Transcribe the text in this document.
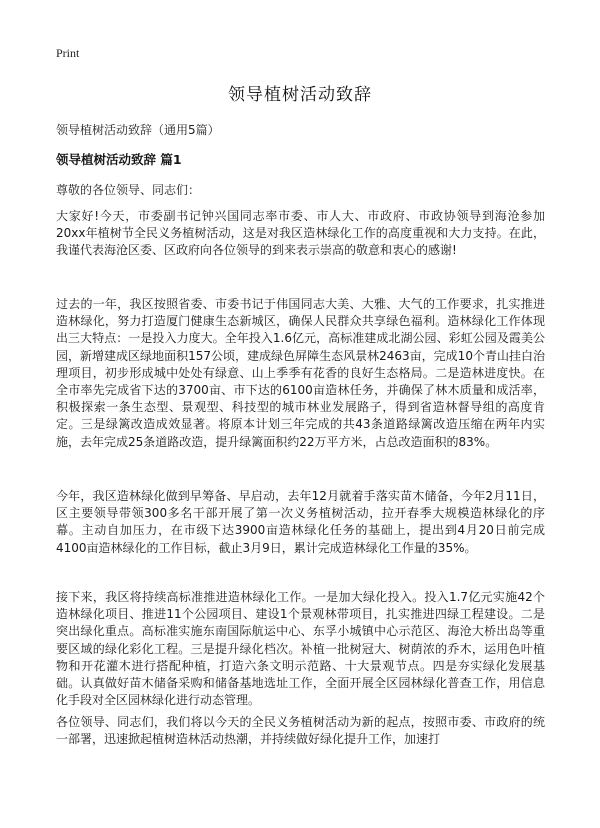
Print
领导植树活动致辞
领导植树活动致辞（通用5篇）
领导植树活动致辞 篇1
尊敬的各位领导、同志们：

大家好!今天，市委副书记钟兴国同志率市委、市人大、市政府、市政协领导到海沧参加20xx年植树节全民义务植树活动，这是对我区造林绿化工作的高度重视和大力支持。在此，我谨代表海沧区委、区政府向各位领导的到来表示崇高的敬意和衷心的感谢!

过去的一年，我区按照省委、市委书记于伟国同志大美、大雅、大气的工作要求，扎实推进造林绿化，努力打造厦门健康生态新城区，确保人民群众共享绿色福利。造林绿化工作体现出三大特点：一是投入力度大。全年投入1.6亿元，高标准建成北湖公园、彩虹公园及霞美公园，新增建成区绿地面积157公顷，建成绿色屏障生态风景林2463亩，完成10个青山挂白治理项目，初步形成城中处处有绿意、山上季季有花香的良好生态格局。二是造林进度快。在全市率先完成省下达的3700亩、市下达的6100亩造林任务，并确保了林木质量和成活率，积极探索一条生态型、景观型、科技型的城市林业发展路子，得到省造林督导组的高度肯定。三是绿篱改造成效显著。将原本计划三年完成的共43条道路绿篱改造压缩在两年内实施，去年完成25条道路改造，提升绿篱面积约22万平方米，占总改造面积的83%。

今年，我区造林绿化做到早筹备、早启动，去年12月就着手落实苗木储备，今年2月11日，区主要领导带领300多名干部开展了第一次义务植树活动，拉开春季大规模造林绿化的序幕。主动自加压力，在市级下达3900亩造林绿化任务的基础上，提出到4月20日前完成4100亩造林绿化的工作目标，截止3月9日，累计完成造林绿化工作量的35%。

接下来，我区将持续高标准推进造林绿化工作。一是加大绿化投入。投入1.7亿元实施42个造林绿化项目、推进11个公园项目、建设1个景观林带项目，扎实推进四绿工程建设。二是突出绿化重点。高标准实施东南国际航运中心、东孚小城镇中心示范区、海沧大桥出岛等重要区域的绿化彩化工程。三是提升绿化档次。补植一批树冠大、树荫浓的乔木，运用色叶植物和开花灌木进行搭配种植，打造六条文明示范路、十大景观节点。四是夯实绿化发展基础。认真做好苗木储备采购和储备基地选址工作，全面开展全区园林绿化普查工作，用信息化手段对全区园林绿化进行动态管理。

各位领导、同志们，我们将以今天的全民义务植树活动为新的起点，按照市委、市政府的统一部署，迅速掀起植树造林活动热潮，并持续做好绿化提升工作，加速打
